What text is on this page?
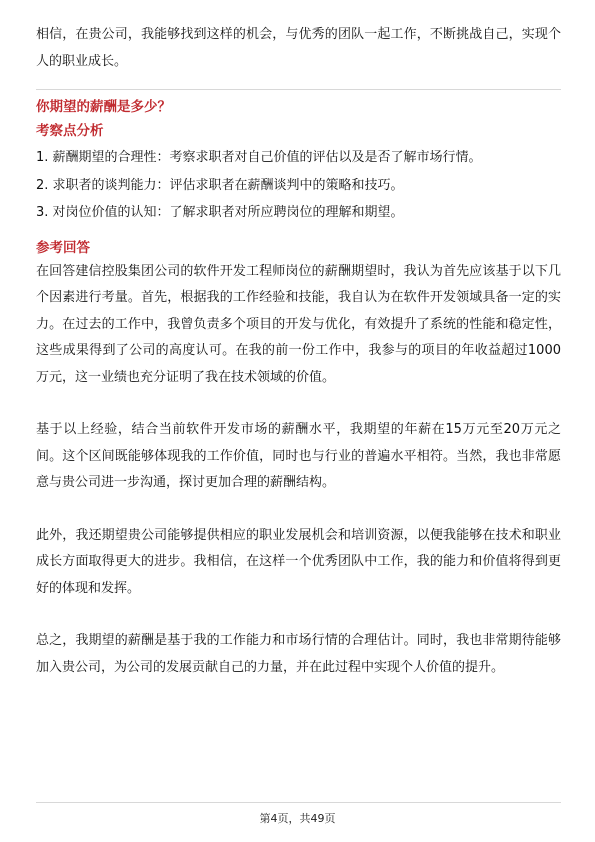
相信，在贵公司，我能够找到这样的机会，与优秀的团队一起工作，不断挑战自己，实现个人的职业成长。

你期望的薪酬是多少？
考察点分析
1. 薪酬期望的合理性：考察求职者对自己价值的评估以及是否了解市场行情。
2. 求职者的谈判能力：评估求职者在薪酬谈判中的策略和技巧。
3. 对岗位价值的认知：了解求职者对所应聘岗位的理解和期望。
参考回答

在回答建信控股集团公司的软件开发工程师岗位的薪酬期望时，我认为首先应该基于以下几个因素进行考量。首先，根据我的工作经验和技能，我自认为在软件开发领域具备一定的实力。在过去的工作中，我曾负责多个项目的开发与优化，有效提升了系统的性能和稳定性，这些成果得到了公司的高度认可。在我的前一份工作中，我参与的项目的年收益超过1000万元，这一业绩也充分证明了我在技术领域的价值。

基于以上经验，结合当前软件开发市场的薪酬水平，我期望的年薪在15万元至20万元之间。这个区间既能够体现我的工作价值，同时也与行业的普遍水平相符。当然，我也非常愿意与贵公司进一步沟通，探讨更加合理的薪酬结构。

此外，我还期望贵公司能够提供相应的职业发展机会和培训资源，以便我能够在技术和职业成长方面取得更大的进步。我相信，在这样一个优秀团队中工作，我的能力和价值将得到更好的体现和发挥。

总之，我期望的薪酬是基于我的工作能力和市场行情的合理估计。同时，我也非常期待能够加入贵公司，为公司的发展贡献自己的力量，并在此过程中实现个人价值的提升。

第4页，共49页
